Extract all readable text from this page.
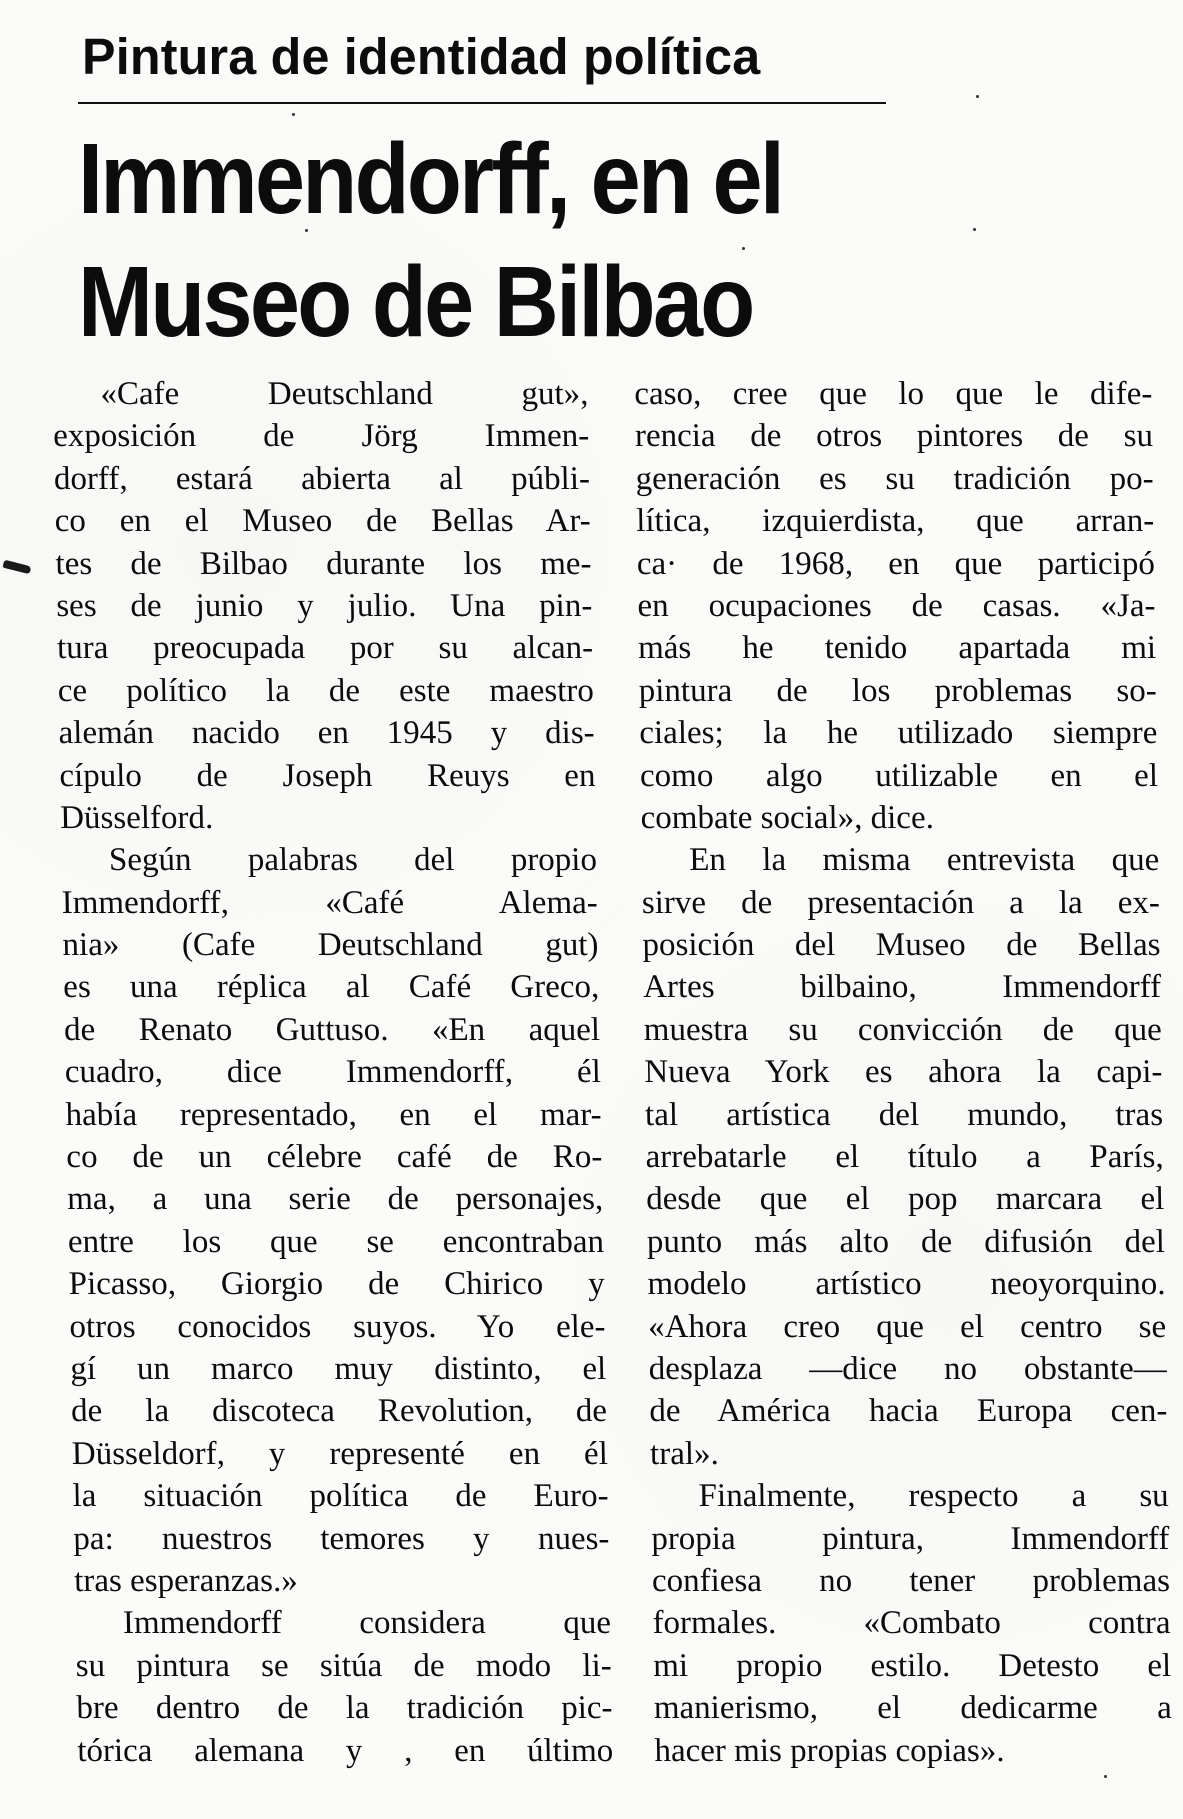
Pintura de identidad política
Immendorff, en el
Museo de Bilbao
«Cafe Deutschland gut»,
exposición de Jörg Immen-
dorff, estará abierta al públi-
co en el Museo de Bellas Ar-
tes de Bilbao durante los me-
ses de junio y julio. Una pin-
tura preocupada por su alcan-
ce político la de este maestro
alemán nacido en 1945 y dis-
cípulo de Joseph Reuys en
Düsselford.
Según palabras del propio
Immendorff, «Café Alema-
nia» (Cafe Deutschland gut)
es una réplica al Café Greco,
de Renato Guttuso. «En aquel
cuadro, dice Immendorff, él
había representado, en el mar-
co de un célebre café de Ro-
ma, a una serie de personajes,
entre los que se encontraban
Picasso, Giorgio de Chirico y
otros conocidos suyos. Yo ele-
gí un marco muy distinto, el
de la discoteca Revolution, de
Düsseldorf, y representé en él
la situación política de Euro-
pa: nuestros temores y nues-
tras esperanzas.»
Immendorff considera que
su pintura se sitúa de modo li-
bre dentro de la tradición pic-
tórica alemana y , en último
caso, cree que lo que le dife-
rencia de otros pintores de su
generación es su tradición po-
lítica, izquierdista, que arran-
ca· de 1968, en que participó
en ocupaciones de casas. «Ja-
más he tenido apartada mi
pintura de los problemas so-
ciales; la he utilizado siempre
como algo utilizable en el
combate social», dice.
En la misma entrevista que
sirve de presentación a la ex-
posición del Museo de Bellas
Artes bilbaino, Immendorff
muestra su convicción de que
Nueva York es ahora la capi-
tal artística del mundo, tras
arrebatarle el título a París,
desde que el pop marcara el
punto más alto de difusión del
modelo artístico neoyorquino.
«Ahora creo que el centro se
desplaza —dice no obstante—
de América hacia Europa cen-
tral».
Finalmente, respecto a su
propia pintura, Immendorff
confiesa no tener problemas
formales. «Combato contra
mi propio estilo. Detesto el
manierismo, el dedicarme a
hacer mis propias copias».
